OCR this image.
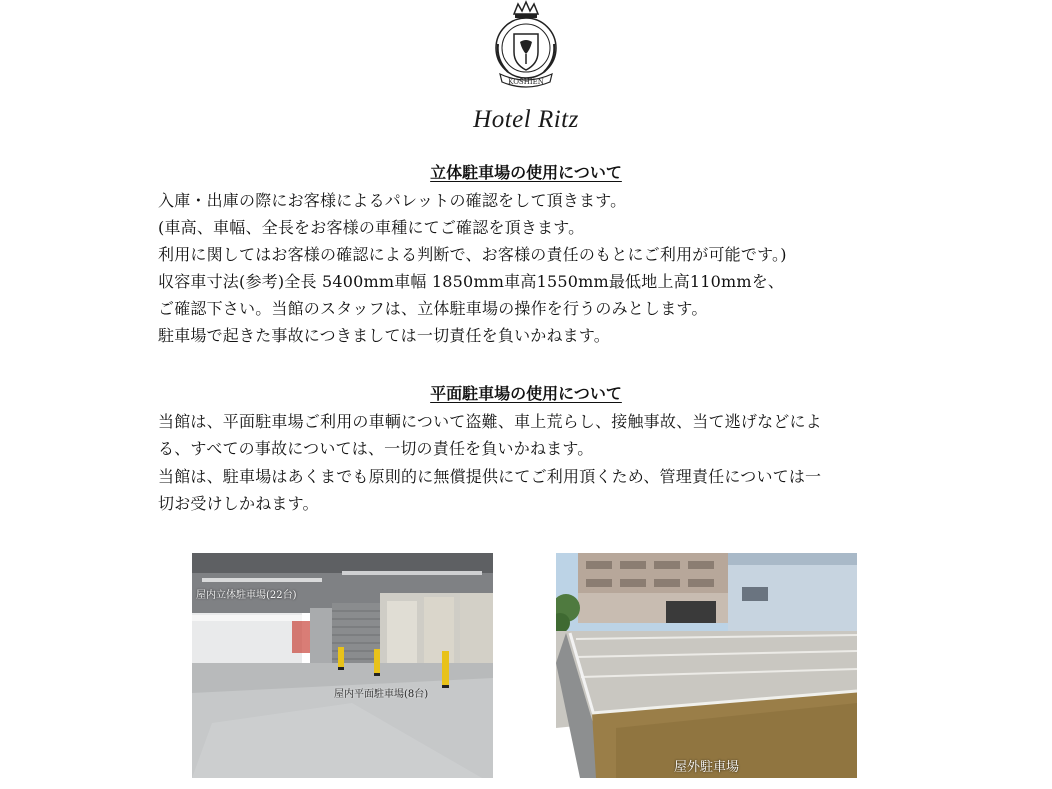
KOSHIEN
Hotel Ritz
立体駐車場の使用について
入庫・出庫の際にお客様によるパレットの確認をして頂きます。
(車高、車幅、全長をお客様の車種にてご確認を頂きます。
利用に関してはお客様の確認による判断で、お客様の責任のもとにご利用が可能です。)
収容車寸法(参考)全長 5400mm車幅 1850mm車高1550mm最低地上高110mmを、
ご確認下さい。当館のスタッフは、立体駐車場の操作を行うのみとします。
駐車場で起きた事故につきましては一切責任を負いかねます。
平面駐車場の使用について
当館は、平面駐車場ご利用の車輌について盗難、車上荒らし、接触事故、当て逃げなどによ
る、すべての事故については、一切の責任を負いかねます。
当館は、駐車場はあくまでも原則的に無償提供にてご利用頂くため、管理責任については一
切お受けしかねます。
屋内立体駐車場(22台)
屋内平面駐車場(8台)
屋外駐車場
